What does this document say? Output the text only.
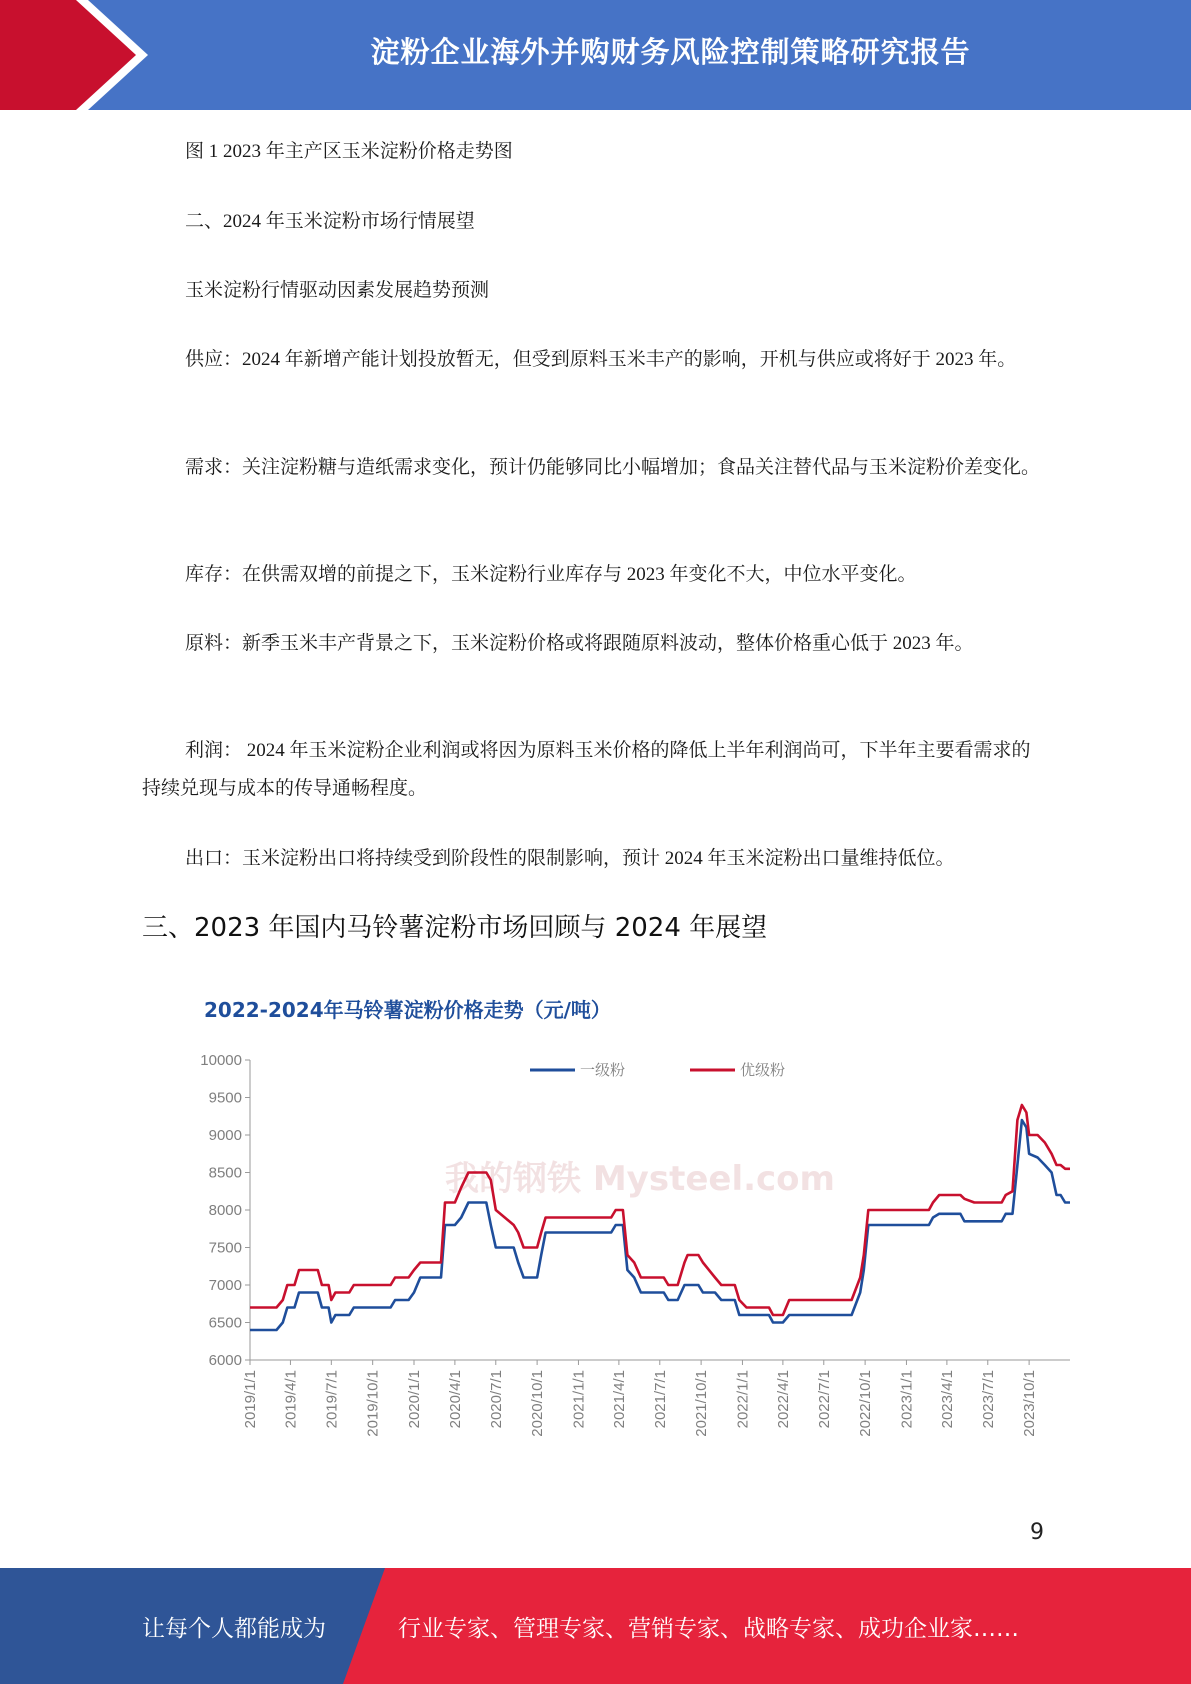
淀粉企业海外并购财务风险控制策略研究报告
图 1 2023 年主产区玉米淀粉价格走势图
二、2024 年玉米淀粉市场行情展望
玉米淀粉行情驱动因素发展趋势预测
供应：2024 年新增产能计划投放暂无，但受到原料玉米丰产的影响，开机与供应或将好于 2023 年。
需求：关注淀粉糖与造纸需求变化，预计仍能够同比小幅增加；食品关注替代品与玉米淀粉价差变化。
库存：在供需双增的前提之下，玉米淀粉行业库存与 2023 年变化不大，中位水平变化。
原料：新季玉米丰产背景之下，玉米淀粉价格或将跟随原料波动，整体价格重心低于 2023 年。
利润： 2024 年玉米淀粉企业利润或将因为原料玉米价格的降低上半年利润尚可，下半年主要看需求的持续兑现与成本的传导通畅程度。
出口：玉米淀粉出口将持续受到阶段性的限制影响，预计 2024 年玉米淀粉出口量维持低位。
三、2023 年国内马铃薯淀粉市场回顾与 2024 年展望
2022-2024年马铃薯淀粉价格走势（元/吨）
我的钢铁 Mysteel.com
6000
6500
7000
7500
8000
8500
9000
9500
10000
2019/1/1 2019/4/1 2019/7/1 2019/10/1 2020/1/1 2020/4/1 2020/7/1 2020/10/1 2021/1/1 2021/4/1 2021/7/1 2021/10/1 2022/1/1 2022/4/1 2022/7/1 2022/10/1 2023/1/1 2023/4/1 2023/7/1 2023/10/1
一级粉	优级粉
9
让每个人都能成为	行业专家、管理专家、营销专家、战略专家、成功企业家……
